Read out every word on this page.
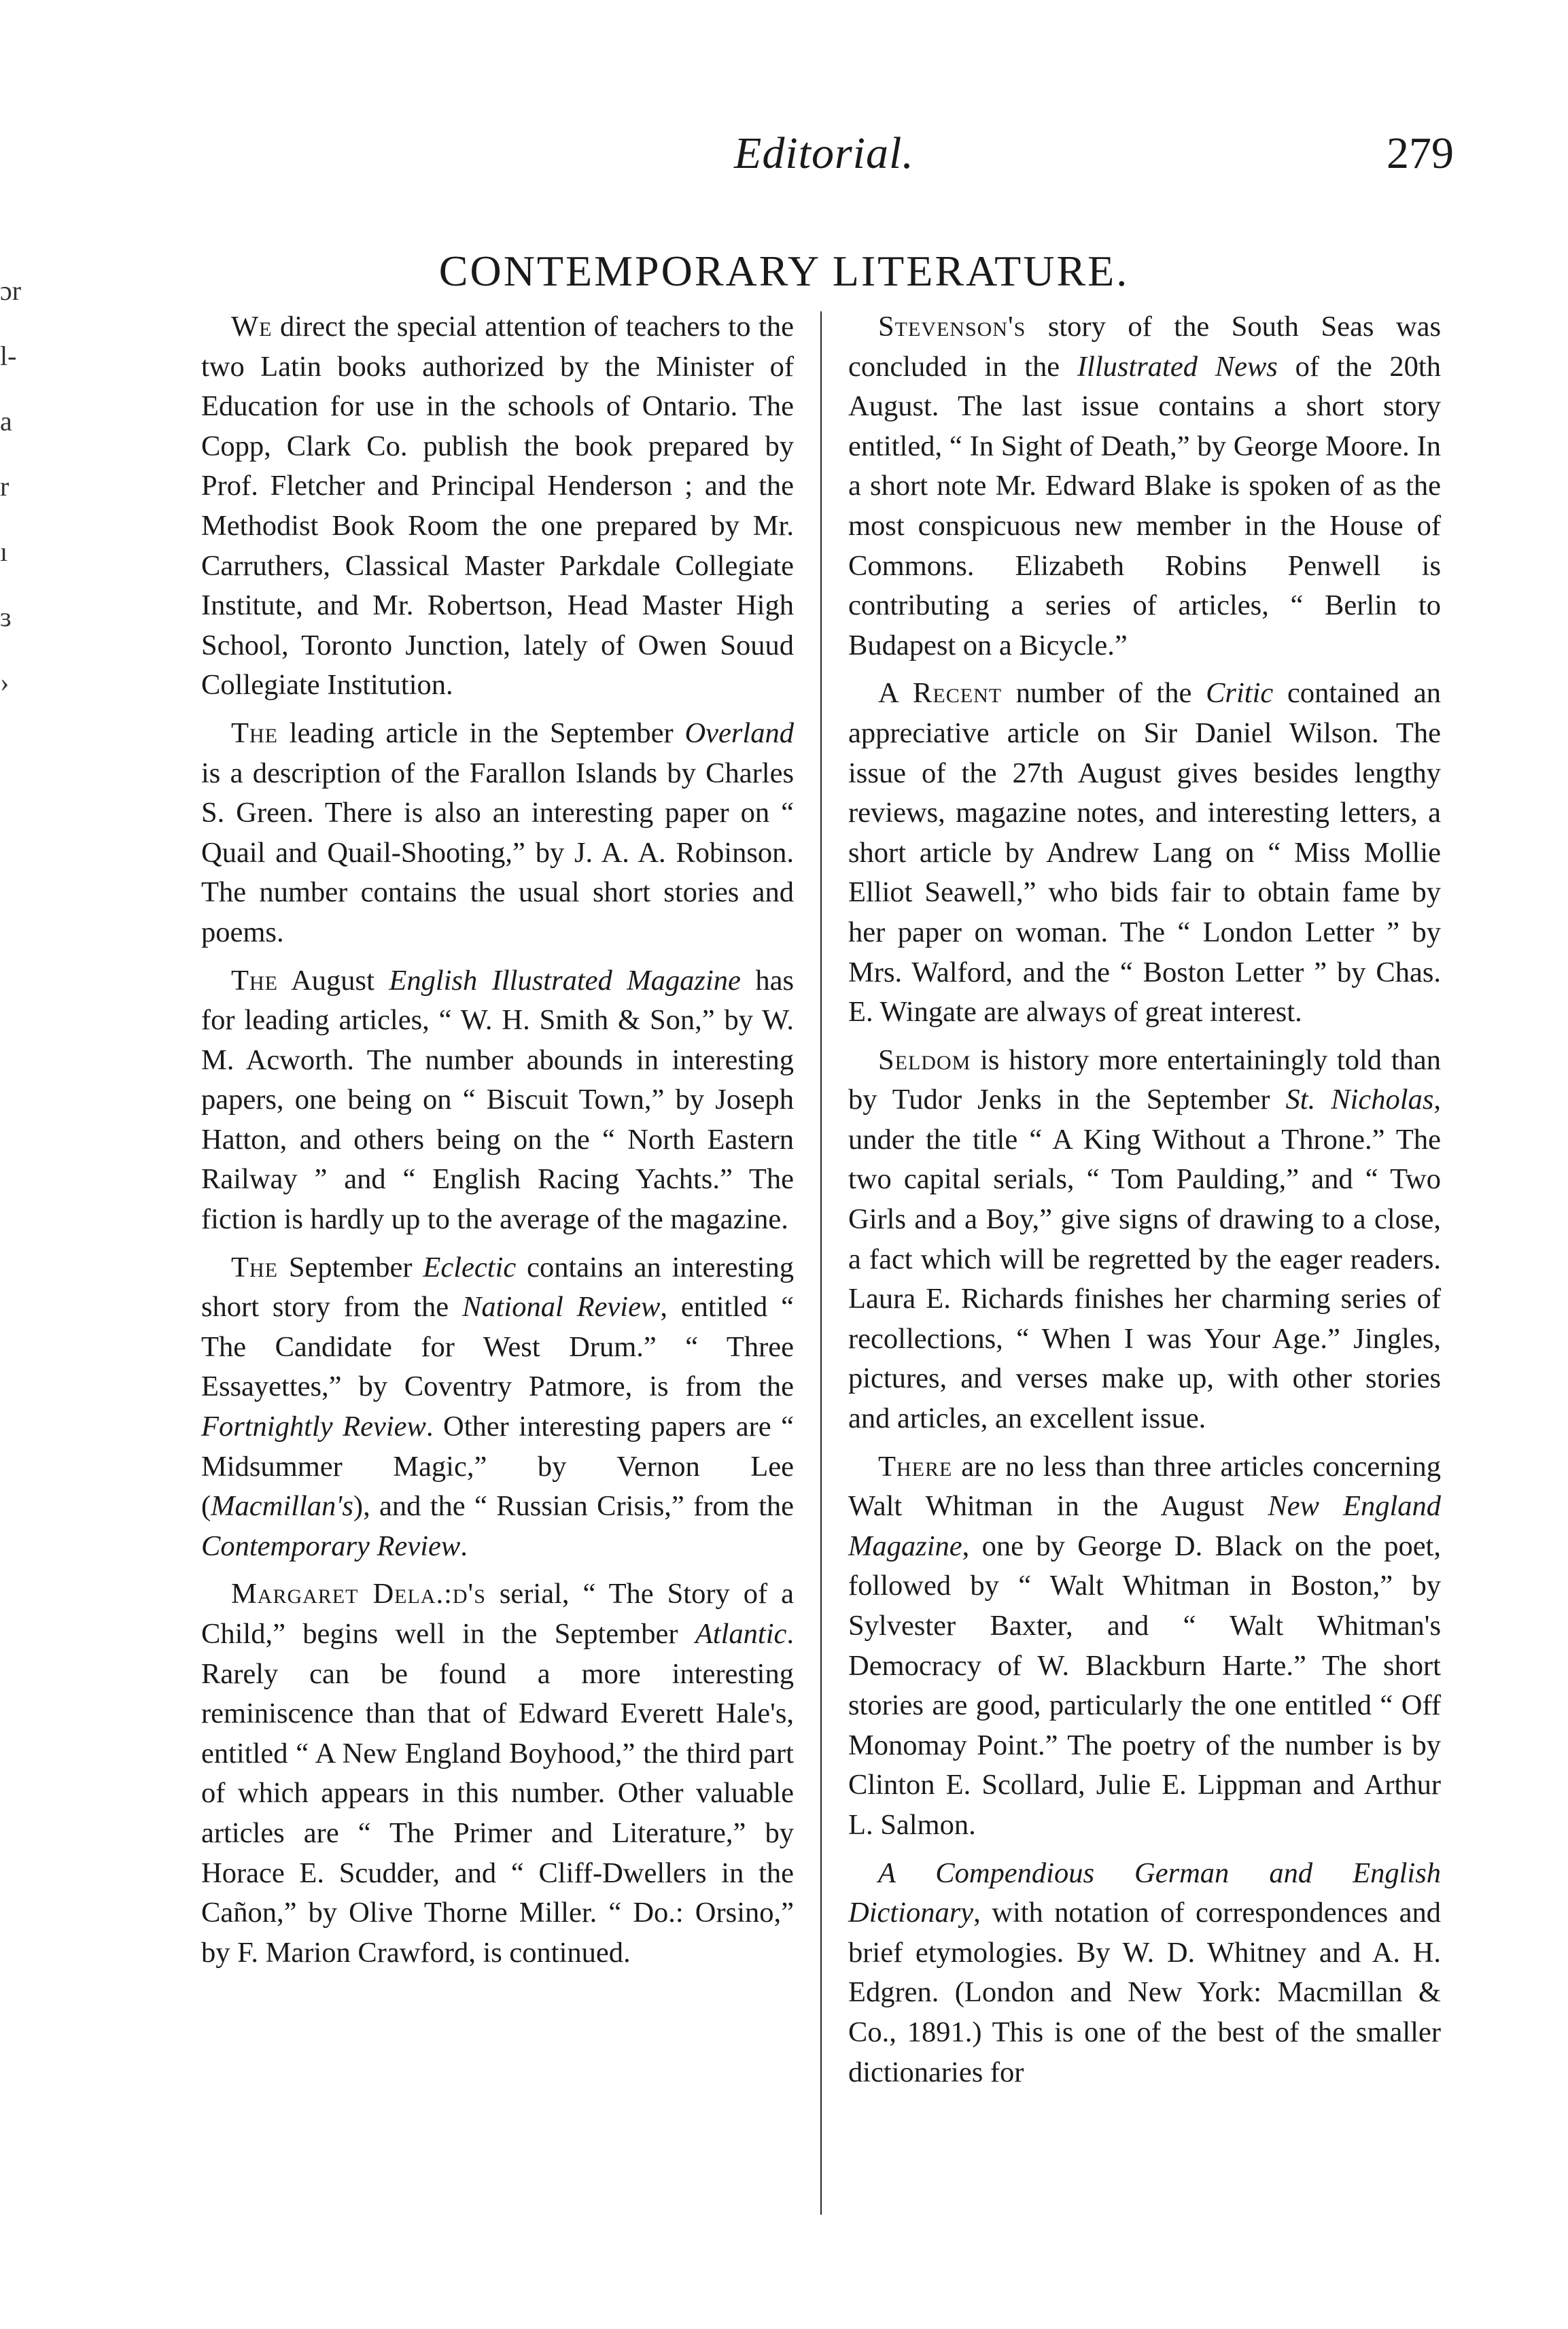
Editorial.	279
ɔr
l-
a
r
ı
ɜ
›
CONTEMPORARY LITERATURE.

We direct the special attention of teachers to the two Latin books authorized by the Minister of Education for use in the schools of Ontario. The Copp, Clark Co. publish the book prepared by Prof. Fletcher and Principal Henderson ; and the Methodist Book Room the one prepared by Mr. Carruthers, Classical Master Parkdale Collegiate Institute, and Mr. Robertson, Head Master High School, Toronto Junction, lately of Owen Souud Collegiate Institution.

The leading article in the September Overland is a description of the Farallon Islands by Charles S. Green. There is also an interesting paper on “ Quail and Quail-Shooting,” by J. A. A. Robinson. The number contains the usual short stories and poems.

The August English Illustrated Magazine has for leading articles, “ W. H. Smith & Son,” by W. M. Acworth. The number abounds in interesting papers, one being on “ Biscuit Town,” by Joseph Hatton, and others being on the “ North Eastern Railway ” and “ English Racing Yachts.” The fiction is hardly up to the average of the magazine.

The September Eclectic contains an interesting short story from the National Review, entitled “ The Candidate for West Drum.” “ Three Essayettes,” by Coventry Patmore, is from the Fortnightly Review. Other interesting papers are “ Midsummer Magic,” by Vernon Lee (Macmillan's), and the “ Russian Crisis,” from the Contemporary Review.

Margaret Dela.:d's serial, “ The Story of a Child,” begins well in the September Atlantic. Rarely can be found a more interesting reminiscence than that of Edward Everett Hale's, entitled “ A New England Boyhood,” the third part of which appears in this number. Other valuable articles are “ The Primer and Literature,” by Horace E. Scudder, and “ Cliff-Dwellers in the Cañon,” by Olive Thorne Miller. “ Do.: Orsino,” by F. Marion Crawford, is continued.

Stevenson's story of the South Seas was concluded in the Illustrated News of the 20th August. The last issue contains a short story entitled, “ In Sight of Death,” by George Moore. In a short note Mr. Edward Blake is spoken of as the most conspicuous new member in the House of Commons. Elizabeth Robins Penwell is contributing a series of articles, “ Berlin to Budapest on a Bicycle.”

A Recent number of the Critic contained an appreciative article on Sir Daniel Wilson. The issue of the 27th August gives besides lengthy reviews, magazine notes, and interesting letters, a short article by Andrew Lang on “ Miss Mollie Elliot Seawell,” who bids fair to obtain fame by her paper on woman. The “ London Letter ” by Mrs. Walford, and the “ Boston Letter ” by Chas. E. Wingate are always of great interest.

Seldom is history more entertainingly told than by Tudor Jenks in the September St. Nicholas, under the title “ A King Without a Throne.” The two capital serials, “ Tom Paulding,” and “ Two Girls and a Boy,” give signs of drawing to a close, a fact which will be regretted by the eager readers. Laura E. Richards finishes her charming series of recollections, “ When I was Your Age.” Jingles, pictures, and verses make up, with other stories and articles, an excellent issue.

There are no less than three articles concerning Walt Whitman in the August New England Magazine, one by George D. Black on the poet, followed by “ Walt Whitman in Boston,” by Sylvester Baxter, and “ Walt Whitman's Democracy of W. Blackburn Harte.” The short stories are good, particularly the one entitled “ Off Monomay Point.” The poetry of the number is by Clinton E. Scollard, Julie E. Lippman and Arthur L. Salmon.

A Compendious German and English Dictionary, with notation of correspondences and brief etymologies. By W. D. Whitney and A. H. Edgren. (London and New York: Macmillan & Co., 1891.) This is one of the best of the smaller dictionaries for
